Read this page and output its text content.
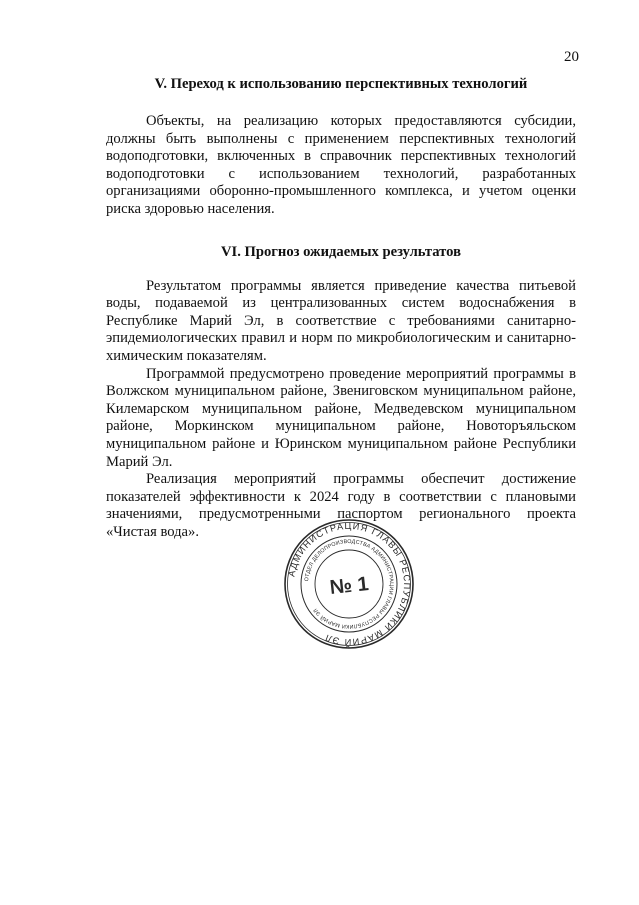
20
V. Переход к использованию перспективных технологий

Объекты, на реализацию которых предоставляются субсидии, должны быть выполнены с применением перспективных технологий водоподготовки, включенных в справочник перспективных технологий водоподготовки с использованием технологий, разработанных организациями оборонно-промышленного комплекса, и учетом оценки риска здоровью населения.

VI. Прогноз ожидаемых результатов

Результатом программы является приведение качества питьевой воды, подаваемой из централизованных систем водоснабжения в Республике Марий Эл, в соответствие с требованиями санитарно-эпидемиологических правил и норм по микробиологическим и санитарно-химическим показателям.

Программой предусмотрено проведение мероприятий программы в Волжском муниципальном районе, Звениговском муниципальном районе, Килемарском муниципальном районе, Медведевском муниципальном районе, Моркинском муниципальном районе, Новоторъяльском муниципальном районе и Юринском муниципальном районе Республики Марий Эл.

Реализация мероприятий программы обеспечит достижение показателей эффективности к 2024 году в соответствии с плановыми значениями, предусмотренными паспортом регионального проекта «Чистая вода».

АДМИНИСТРАЦИЯ ГЛАВЫ РЕСПУБЛИКИ МАРИЙ ЭЛ
ОТДЕЛ ДЕЛОПРОИЗВОДСТВА АДМИНИСТРАЦИИ ГЛАВЫ РЕСПУБЛИКИ МАРИЙ ЭЛ
№ 1
